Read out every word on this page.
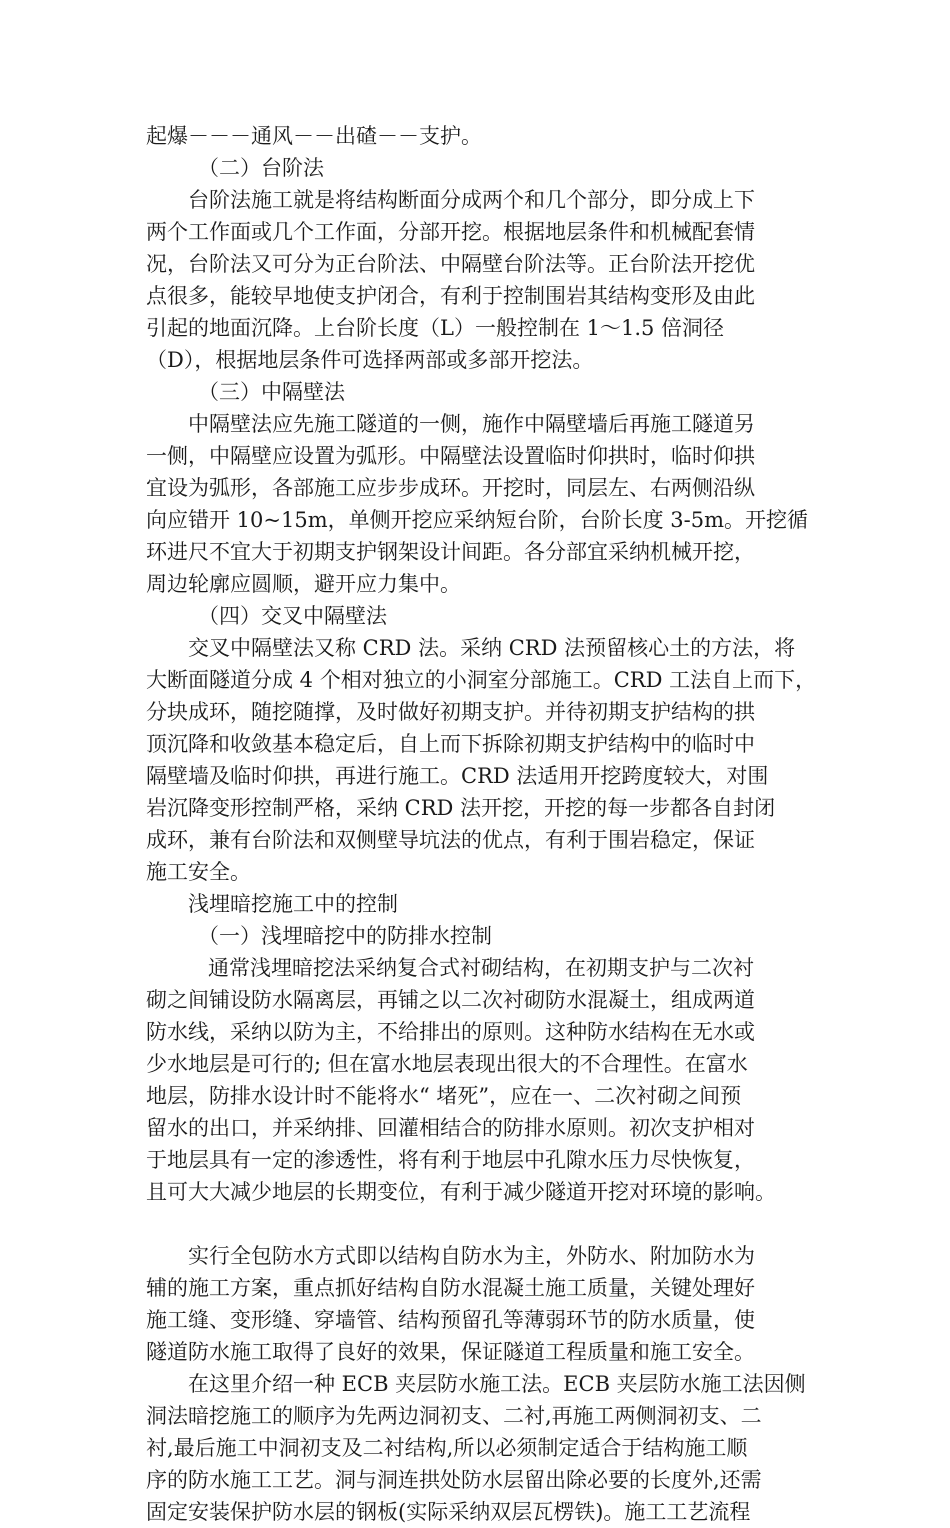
起爆－－－通风－－出碴－－支护。
（二）台阶法
台阶法施工就是将结构断面分成两个和几个部分，即分成上下
两个工作面或几个工作面，分部开挖。根据地层条件和机械配套情
况，台阶法又可分为正台阶法、中隔壁台阶法等。正台阶法开挖优
点很多，能较早地使支护闭合，有利于控制围岩其结构变形及由此
引起的地面沉降。上台阶长度（L）一般控制在 1～1.5 倍洞径
（D），根据地层条件可选择两部或多部开挖法。
（三）中隔壁法
中隔壁法应先施工隧道的一侧，施作中隔壁墙后再施工隧道另
一侧，中隔壁应设置为弧形。中隔壁法设置临时仰拱时，临时仰拱
宜设为弧形，各部施工应步步成环。开挖时，同层左、右两侧沿纵
向应错开 10~15m，单侧开挖应采纳短台阶，台阶长度 3-5m。开挖循
环进尺不宜大于初期支护钢架设计间距。各分部宜采纳机械开挖，
周边轮廓应圆顺，避开应力集中。
（四）交叉中隔壁法
交叉中隔壁法又称 CRD 法。采纳 CRD 法预留核心土的方法，将
大断面隧道分成 4 个相对独立的小洞室分部施工。CRD 工法自上而下，
分块成环，随挖随撑，及时做好初期支护。并待初期支护结构的拱
顶沉降和收敛基本稳定后，自上而下拆除初期支护结构中的临时中
隔壁墙及临时仰拱，再进行施工。CRD 法适用开挖跨度较大，对围
岩沉降变形控制严格，采纳 CRD 法开挖，开挖的每一步都各自封闭
成环，兼有台阶法和双侧壁导坑法的优点，有利于围岩稳定，保证
施工安全。
浅埋暗挖施工中的控制
（一）浅埋暗挖中的防排水控制
通常浅埋暗挖法采纳复合式衬砌结构，在初期支护与二次衬
砌之间铺设防水隔离层，再铺之以二次衬砌防水混凝土，组成两道
防水线，采纳以防为主，不给排出的原则。这种防水结构在无水或
少水地层是可行的; 但在富水地层表现出很大的不合理性。在富水
地层，防排水设计时不能将水“ 堵死”，应在一、二次衬砌之间预
留水的出口，并采纳排、回灌相结合的防排水原则。初次支护相对
于地层具有一定的渗透性，将有利于地层中孔隙水压力尽快恢复，
且可大大减少地层的长期变位，有利于减少隧道开挖对环境的影响。
实行全包防水方式即以结构自防水为主，外防水、附加防水为
辅的施工方案，重点抓好结构自防水混凝土施工质量，关键处理好
施工缝、变形缝、穿墙管、结构预留孔等薄弱环节的防水质量，使
隧道防水施工取得了良好的效果，保证隧道工程质量和施工安全。
在这里介绍一种 ECB 夹层防水施工法。ECB 夹层防水施工法因侧
洞法暗挖施工的顺序为先两边洞初支、二衬,再施工两侧洞初支、二
衬,最后施工中洞初支及二衬结构,所以必须制定适合于结构施工顺
序的防水施工工艺。洞与洞连拱处防水层留出除必要的长度外,还需
固定安装保护防水层的钢板(实际采纳双层瓦楞铁)。施工工艺流程
